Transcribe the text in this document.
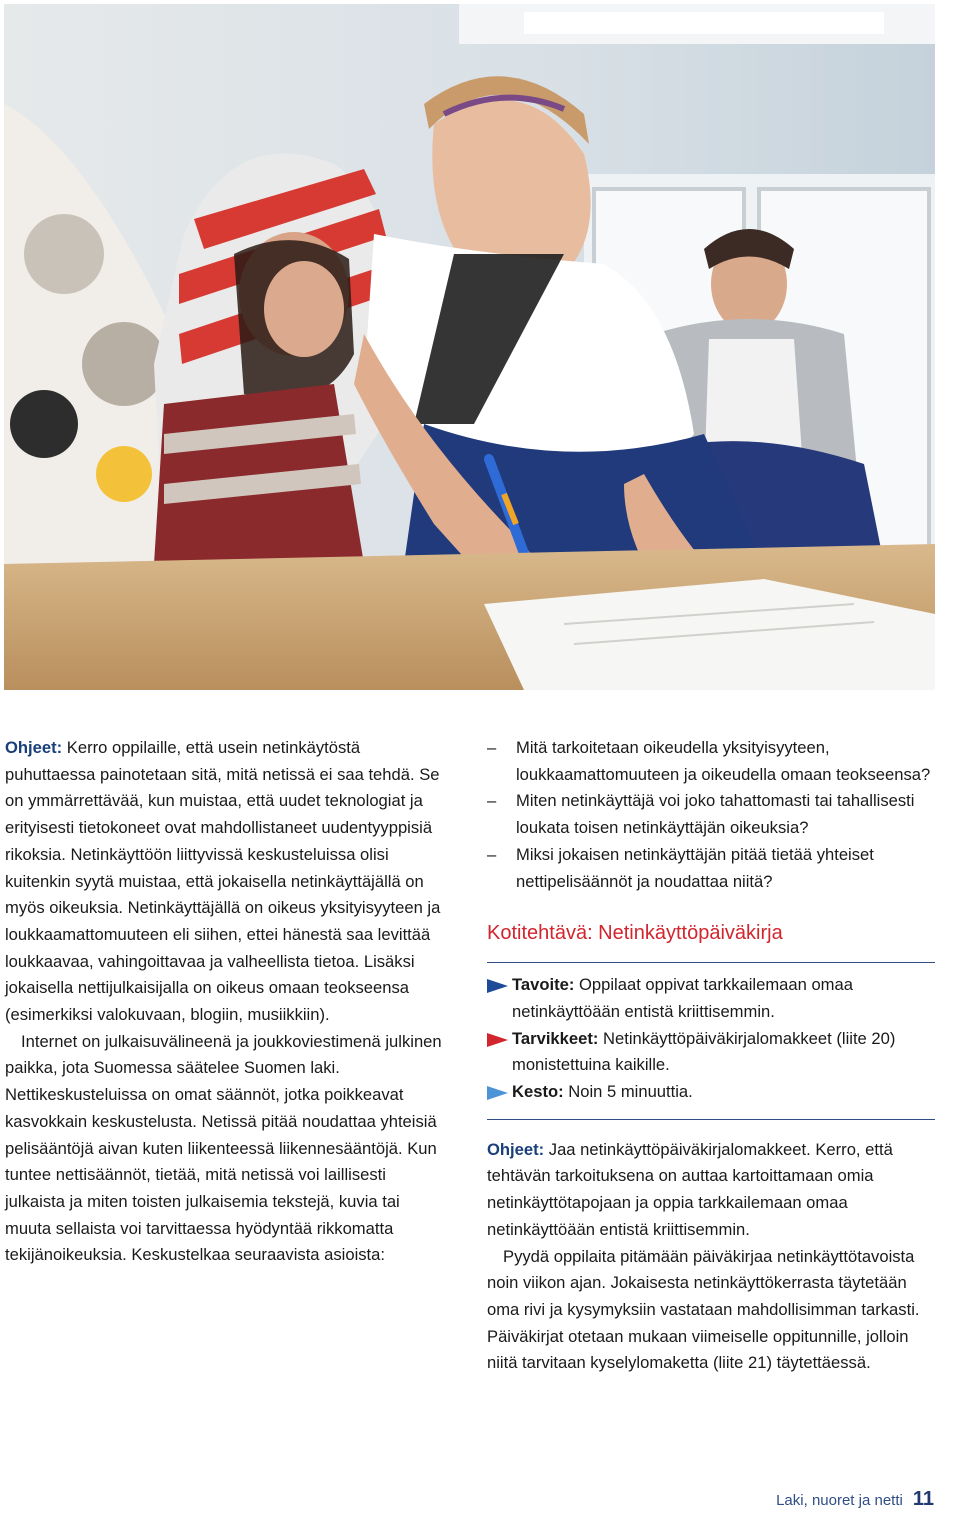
Ohjeet: Kerro oppilaille, että usein netinkäytöstä puhuttaessa painotetaan sitä, mitä netissä ei saa tehdä. Se on ymmärrettävää, kun muistaa, että uudet teknologiat ja erityisesti tietokoneet ovat mahdollistaneet uudentyyppisiä rikoksia. Netinkäyttöön liittyvissä keskusteluissa olisi kuitenkin syytä muistaa, että jokaisella netinkäyttäjällä on myös oikeuksia. Netinkäyttäjällä on oikeus yksityisyyteen ja loukkaamattomuuteen eli siihen, ettei hänestä saa levittää loukkaavaa, vahingoittavaa ja valheellista tietoa. Lisäksi jokaisella nettijulkaisijalla on oikeus omaan teokseensa (esimerkiksi valokuvaan, blogiin, musiikkiin).

Internet on julkaisuvälineenä ja joukkoviestimenä julkinen paikka, jota Suomessa säätelee Suomen laki. Nettikeskusteluissa on omat säännöt, jotka poikkeavat kasvokkain keskustelusta. Netissä pitää noudattaa yhteisiä pelisääntöjä aivan kuten liikenteessä liikennesääntöjä. Kun tuntee nettisäännöt, tietää, mitä netissä voi laillisesti julkaista ja miten toisten julkaisemia tekstejä, kuvia tai muuta sellaista voi tarvittaessa hyödyntää rikkomatta tekijänoikeuksia. Keskustelkaa seuraavista asioista:

– Mitä tarkoitetaan oikeudella yksityisyyteen, loukkaamattomuuteen ja oikeudella omaan teokseensa?
– Miten netinkäyttäjä voi joko tahattomasti tai tahallisesti loukata toisen netinkäyttäjän oikeuksia?
– Miksi jokaisen netinkäyttäjän pitää tietää yhteiset nettipelisäännöt ja noudattaa niitä?
Kotitehtävä: Netinkäyttöpäiväkirja
Tavoite: Oppilaat oppivat tarkkailemaan omaa netinkäyttöään entistä kriittisemmin.
Tarvikkeet: Netinkäyttöpäiväkirjalomakkeet (liite 20) monistettuina kaikille.
Kesto: Noin 5 minuuttia.

Ohjeet: Jaa netinkäyttöpäiväkirjalomakkeet. Kerro, että tehtävän tarkoituksena on auttaa kartoittamaan omia netinkäyttötapojaan ja oppia tarkkailemaan omaa netinkäyttöään entistä kriittisemmin.

Pyydä oppilaita pitämään päiväkirjaa netinkäyttötavoista noin viikon ajan. Jokaisesta netinkäyttökerrasta täytetään oma rivi ja kysymyksiin vastataan mahdollisimman tarkasti. Päiväkirjat otetaan mukaan viimeiselle oppitunnille, jolloin niitä tarvitaan kyselylomaketta (liite 21) täytettäessä.

Laki, nuoret ja netti 11
